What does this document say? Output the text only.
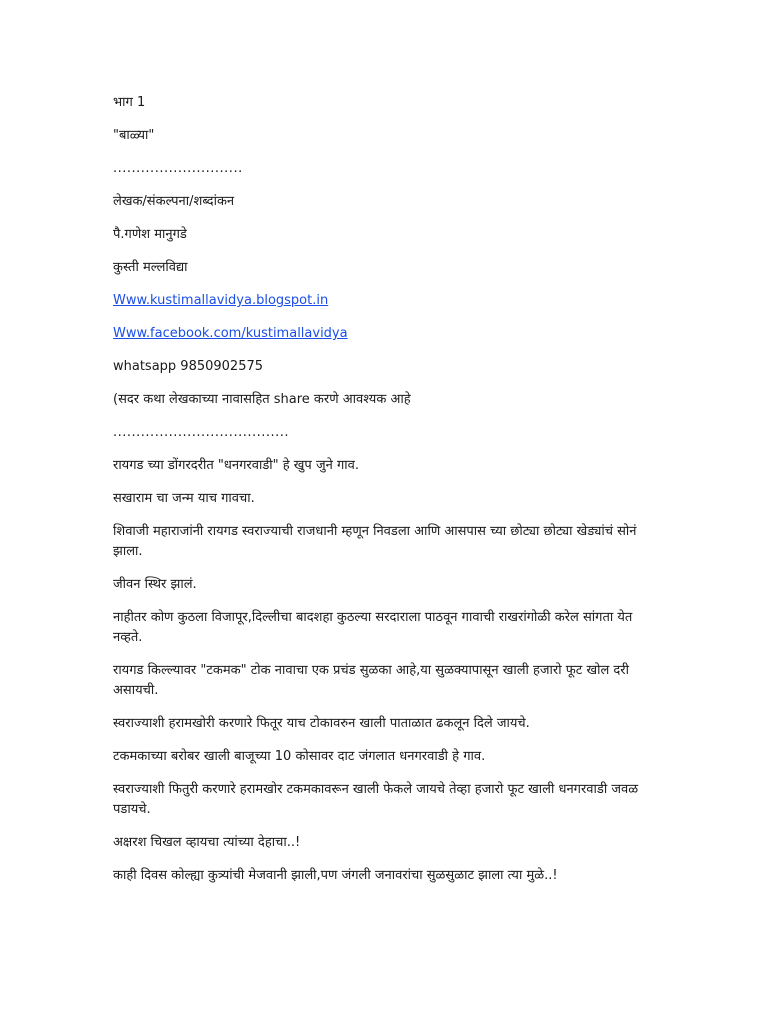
भाग 1

"बाळ्या"

............................

लेखक/संकल्पना/शब्दांकन

पै.गणेश मानुगडे

कुस्ती मल्लविद्या

Www.kustimallavidya.blogspot.in

Www.facebook.com/kustimallavidya

whatsapp 9850902575

(सदर कथा लेखकाच्या नावासहित share करणे आवश्यक आहे

......................................

रायगड च्या डोंगरदरीत "धनगरवाडी" हे खुप जुने गाव.

सखाराम चा जन्म याच गावचा.

शिवाजी महाराजांनी रायगड स्वराज्याची राजधानी म्हणून निवडला आणि आसपास च्या छोट्या छोट्या खेड्यांचं सोनं झाला.

जीवन स्थिर झालं.

नाहीतर कोण कुठला विजापूर,दिल्लीचा बादशहा कुठल्या सरदाराला पाठवून गावाची राखरांगोळी करेल सांगता येत नव्हते.

रायगड किल्ल्यावर "टकमक" टोक नावाचा एक प्रचंड सुळका आहे,या सुळक्यापासून खाली हजारो फूट खोल दरी असायची.

स्वराज्याशी हरामखोरी करणारे फितूर याच टोकावरुन खाली पाताळात ढकलून दिले जायचे.

टकमकाच्या बरोबर खाली बाजूच्या 10 कोसावर दाट जंगलात धनगरवाडी हे गाव.

स्वराज्याशी फितुरी करणारे हरामखोर टकमकावरून खाली फेकले जायचे तेव्हा हजारो फूट खाली धनगरवाडी जवळ पडायचे.

अक्षरश चिखल व्हायचा त्यांच्या देहाचा..!

काही दिवस कोल्ह्या कुत्र्यांची मेजवानी झाली,पण जंगली जनावरांचा सुळसुळाट झाला त्या मुळे..!
